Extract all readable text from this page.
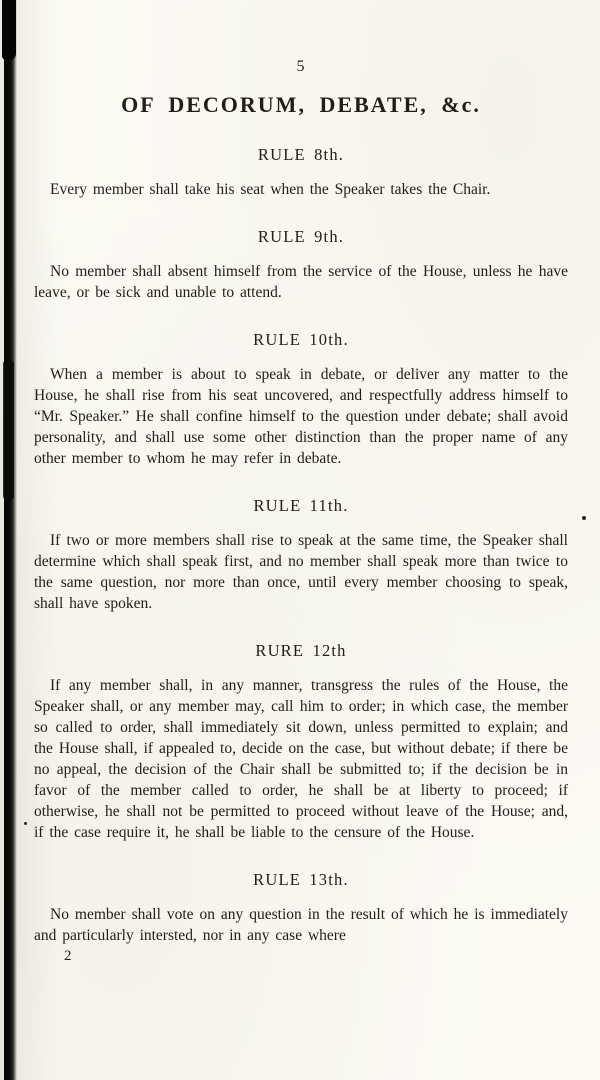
5
OF DECORUM, DEBATE, &c.
RULE 8th.

Every member shall take his seat when the Speaker takes the Chair.

RULE 9th.

No member shall absent himself from the service of the House, unless he have leave, or be sick and unable to attend.

RULE 10th.

When a member is about to speak in debate, or deliver any matter to the House, he shall rise from his seat uncovered, and respectfully address himself to “Mr. Speaker.” He shall confine himself to the question under debate; shall avoid personality, and shall use some other distinction than the proper name of any other member to whom he may refer in debate.

RULE 11th.

If two or more members shall rise to speak at the same time, the Speaker shall determine which shall speak first, and no member shall speak more than twice to the same question, nor more than once, until every member choosing to speak, shall have spoken.

RURE 12th

If any member shall, in any manner, transgress the rules of the House, the Speaker shall, or any member may, call him to order; in which case, the member so called to order, shall immediately sit down, unless permitted to explain; and the House shall, if appealed to, decide on the case, but without debate; if there be no appeal, the decision of the Chair shall be submitted to; if the decision be in favor of the member called to order, he shall be at liberty to proceed; if otherwise, he shall not be permitted to proceed without leave of the House; and, if the case require it, he shall be liable to the censure of the House.

RULE 13th.

No member shall vote on any question in the result of which he is immediately and particularly intersted, nor in any case where

2
